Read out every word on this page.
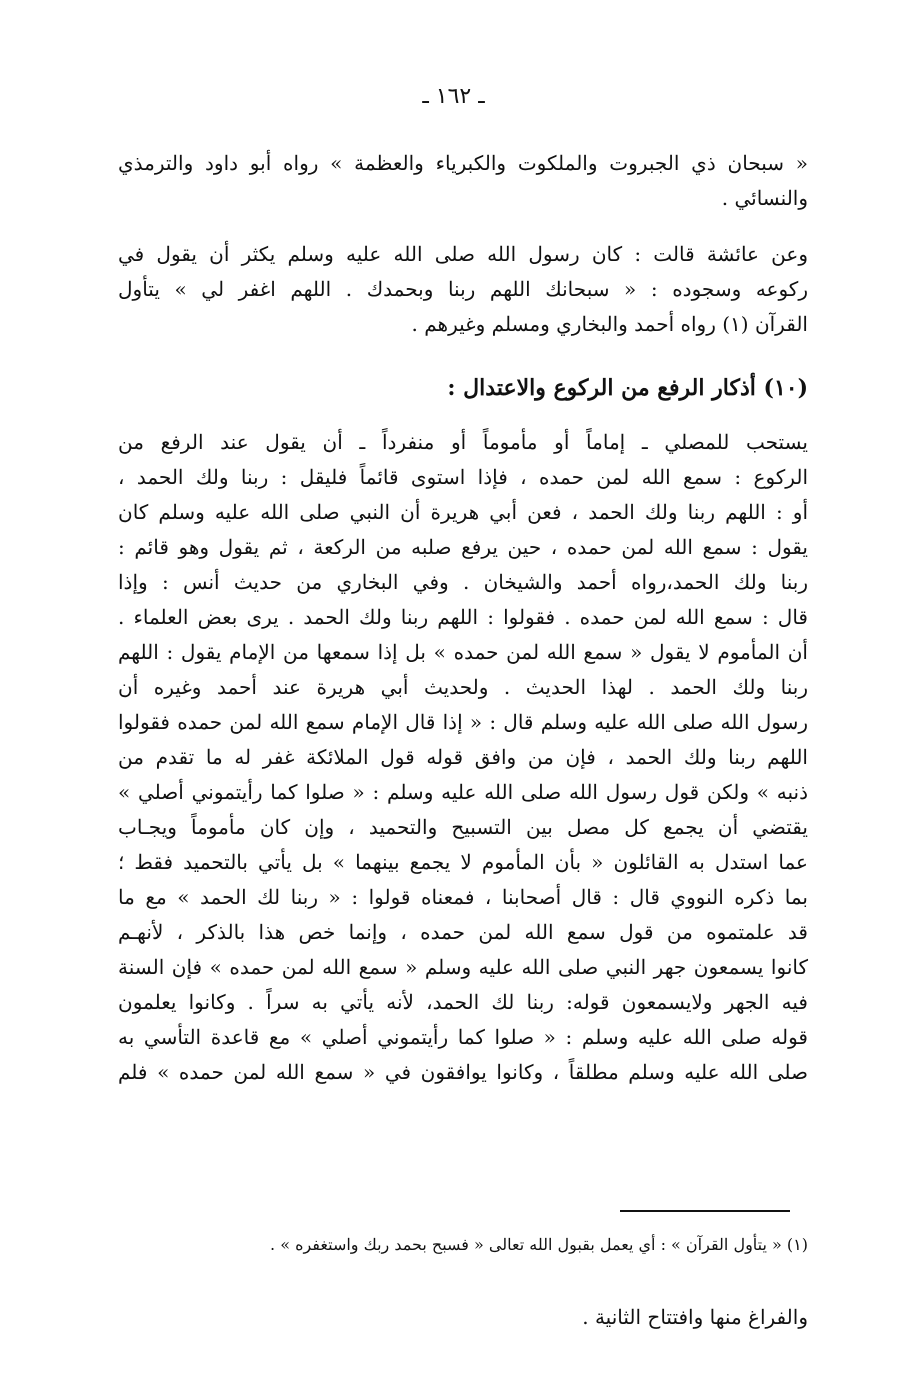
ـ ١٦٢ ـ
« سبحان ذي الجبروت والملكوت والكبرياء والعظمة » رواه أبو داود والترمذي
والنسائي .
وعن عائشة قالت : كان رسول الله صلى الله عليه وسلم يكثر أن يقول في
ركوعه وسجوده : « سبحانك اللهم ربنا وبحمدك . اللهم اغفر لي » يتأول
القرآن (١) رواه أحمد والبخاري ومسلم وغيرهم .
(١٠) أذكار الرفع من الركوع والاعتدال :
يستحب للمصلي ـ إماماً أو مأموماً أو منفرداً ـ أن يقول عند الرفع من
الركوع : سمع الله لمن حمده ، فإذا استوى قائماً فليقل : ربنا ولك الحمد ،
أو : اللهم ربنا ولك الحمد ، فعن أبي هريرة أن النبي صلى الله عليه وسلم كان
يقول : سمع الله لمن حمده ، حين يرفع صلبه من الركعة ، ثم يقول وهو قائم :
ربنا ولك الحمد،رواه أحمد والشيخان . وفي البخاري من حديث أنس : وإذا
قال : سمع الله لمن حمده . فقولوا : اللهم ربنا ولك الحمد . يرى بعض العلماء .
أن المأموم لا يقول « سمع الله لمن حمده » بل إذا سمعها من الإمام يقول : اللهم
ربنا ولك الحمد . لهذا الحديث . ولحديث أبي هريرة عند أحمد وغيره أن
رسول الله صلى الله عليه وسلم قال : « إذا قال الإمام سمع الله لمن حمده فقولوا
اللهم ربنا ولك الحمد ، فإن من وافق قوله قول الملائكة غفر له ما تقدم من
ذنبه » ولكن قول رسول الله صلى الله عليه وسلم : « صلوا كما رأيتموني أصلي »
يقتضي أن يجمع كل مصل بين التسبيح والتحميد ، وإن كان مأموماً ويجـاب
عما استدل به القائلون « بأن المأموم لا يجمع بينهما » بل يأتي بالتحميد فقط ؛
بما ذكره النووي قال : قال أصحابنا ، فمعناه قولوا : « ربنا لك الحمد » مع ما
قد علمتموه من قول سمع الله لمن حمده ، وإنما خص هذا بالذكر ، لأنهـم
كانوا يسمعون جهر النبي صلى الله عليه وسلم « سمع الله لمن حمده » فإن السنة
فيه الجهر ولايسمعون قوله: ربنا لك الحمد، لأنه يأتي به سراً . وكانوا يعلمون
قوله صلى الله عليه وسلم : « صلوا كما رأيتموني أصلي » مع قاعدة التأسي به
صلى الله عليه وسلم مطلقاً ، وكانوا يوافقون في « سمع الله لمن حمده » فلم
(١) « يتأول القرآن » : أي يعمل بقبول الله تعالى « فسبح بحمد ربك واستغفره » .
والفراغ منها وافتتاح الثانية .
